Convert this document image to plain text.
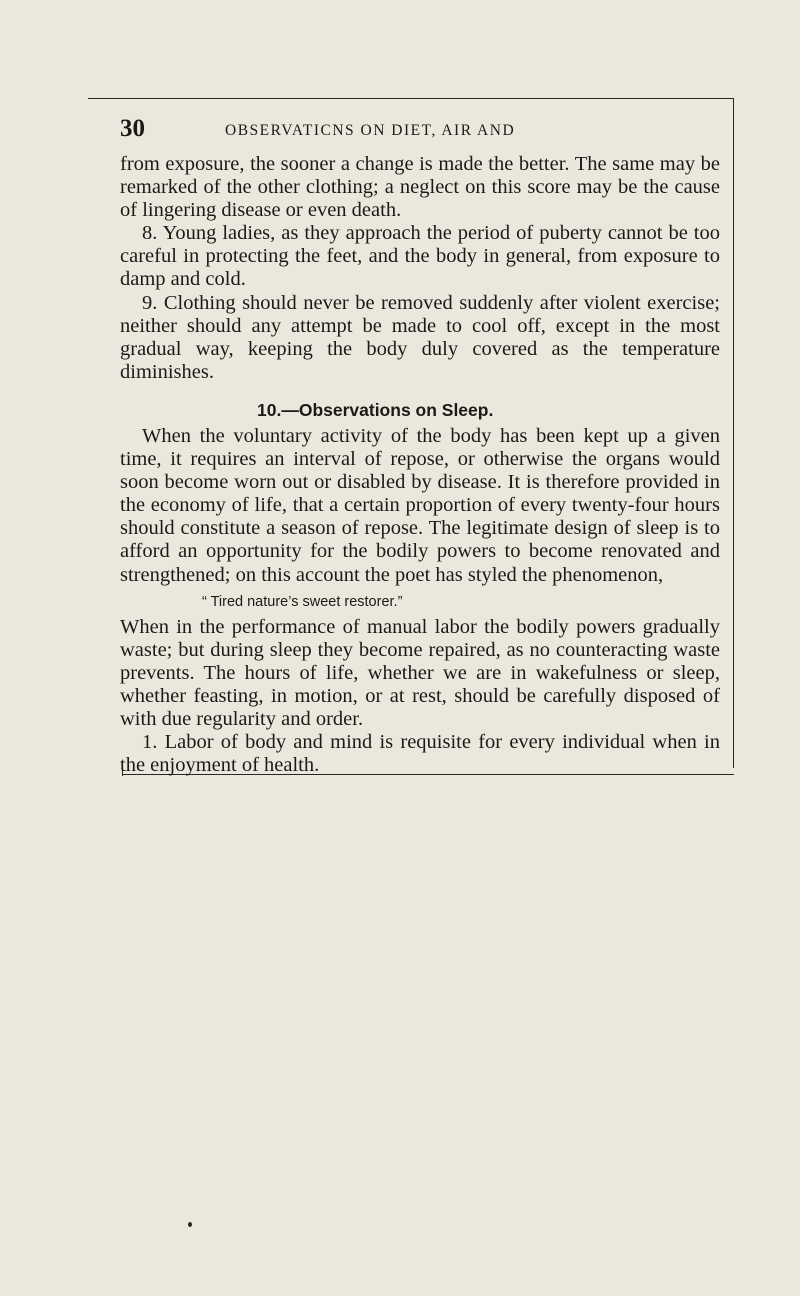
30	OBSERVATICNS ON DIET, AIR AND

from exposure, the sooner a change is made the better. The same may be remarked of the other clothing; a neglect on this score may be the cause of lingering disease or even death.

8. Young ladies, as they approach the period of puberty cannot be too careful in protecting the feet, and the body in general, from exposure to damp and cold.

9. Clothing should never be removed suddenly after violent exercise; neither should any attempt be made to cool off, except in the most gradual way, keeping the body duly covered as the temperature diminishes.

10.—Observations on Sleep.

When the voluntary activity of the body has been kept up a given time, it requires an interval of repose, or otherwise the organs would soon become worn out or disabled by disease. It is therefore provided in the economy of life, that a certain proportion of every twenty-four hours should constitute a season of repose. The legitimate design of sleep is to afford an opportunity for the bodily powers to become renovated and strengthened; on this account the poet has styled the phenomenon,

“ Tired nature’s sweet restorer.”

When in the performance of manual labor the bodily powers gradually waste; but during sleep they become repaired, as no counteracting waste prevents. The hours of life, whether we are in wakefulness or sleep, whether feasting, in motion, or at rest, should be carefully disposed of with due regularity and order.

1. Labor of body and mind is requisite for every individual when in the enjoyment of health.
